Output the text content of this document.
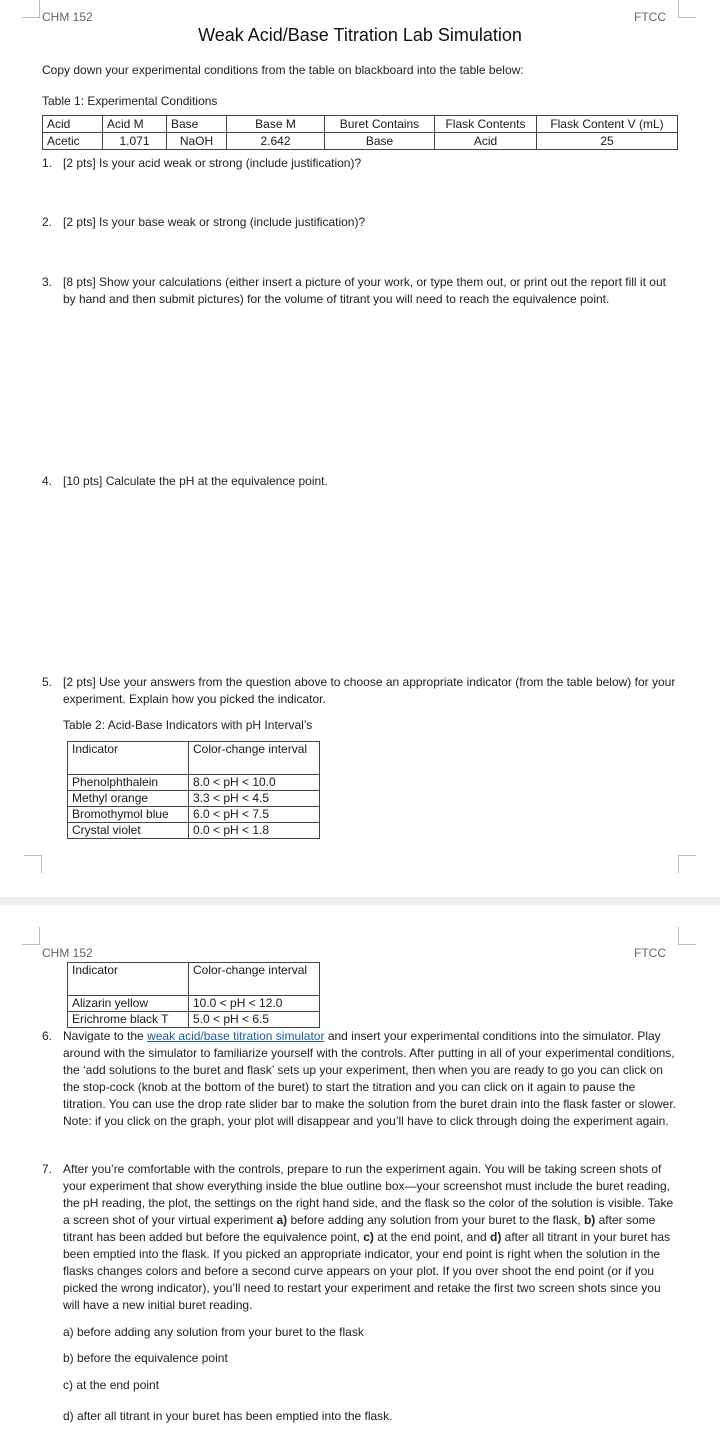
CHM 152	FTCC
Weak Acid/Base Titration Lab Simulation
Copy down your experimental conditions from the table on blackboard into the table below:
Table 1: Experimental Conditions
Acid	Acid M	Base	Base M	Buret Contains	Flask Contents	Flask Content V (mL)
Acetic	1.071	NaOH	2.642	Base	Acid	25
1. [2 pts] Is your acid weak or strong (include justification)?
2. [2 pts] Is your base weak or strong (include justification)?
3. [8 pts] Show your calculations (either insert a picture of your work, or type them out, or print out the report fill it out by hand and then submit pictures) for the volume of titrant you will need to reach the equivalence point.
4. [10 pts] Calculate the pH at the equivalence point.
5. [2 pts] Use your answers from the question above to choose an appropriate indicator (from the table below) for your experiment. Explain how you picked the indicator.
Table 2: Acid-Base Indicators with pH Interval’s
Indicator	Color-change interval
Phenolphthalein	8.0 < pH < 10.0
Methyl orange	3.3 < pH < 4.5
Bromothymol blue	6.0 < pH < 7.5
Crystal violet	0.0 < pH < 1.8
CHM 152	FTCC
Indicator	Color-change interval
Alizarin yellow	10.0 < pH < 12.0
Erichrome black T	5.0 < pH < 6.5
6. Navigate to the weak acid/base titration simulator and insert your experimental conditions into the simulator. Play around with the simulator to familiarize yourself with the controls. After putting in all of your experimental conditions, the ‘add solutions to the buret and flask’ sets up your experiment, then when you are ready to go you can click on the stop-cock (knob at the bottom of the buret) to start the titration and you can click on it again to pause the titration. You can use the drop rate slider bar to make the solution from the buret drain into the flask faster or slower. Note: if you click on the graph, your plot will disappear and you’ll have to click through doing the experiment again.
7. After you’re comfortable with the controls, prepare to run the experiment again. You will be taking screen shots of your experiment that show everything inside the blue outline box—your screenshot must include the buret reading, the pH reading, the plot, the settings on the right hand side, and the flask so the color of the solution is visible. Take a screen shot of your virtual experiment a) before adding any solution from your buret to the flask, b) after some titrant has been added but before the equivalence point, c) at the end point, and d) after all titrant in your buret has been emptied into the flask. If you picked an appropriate indicator, your end point is right when the solution in the flasks changes colors and before a second curve appears on your plot. If you over shoot the end point (or if you picked the wrong indicator), you’ll need to restart your experiment and retake the first two screen shots since you will have a new initial buret reading.
a) before adding any solution from your buret to the flask
b) before the equivalence point
c) at the end point
d) after all titrant in your buret has been emptied into the flask.
